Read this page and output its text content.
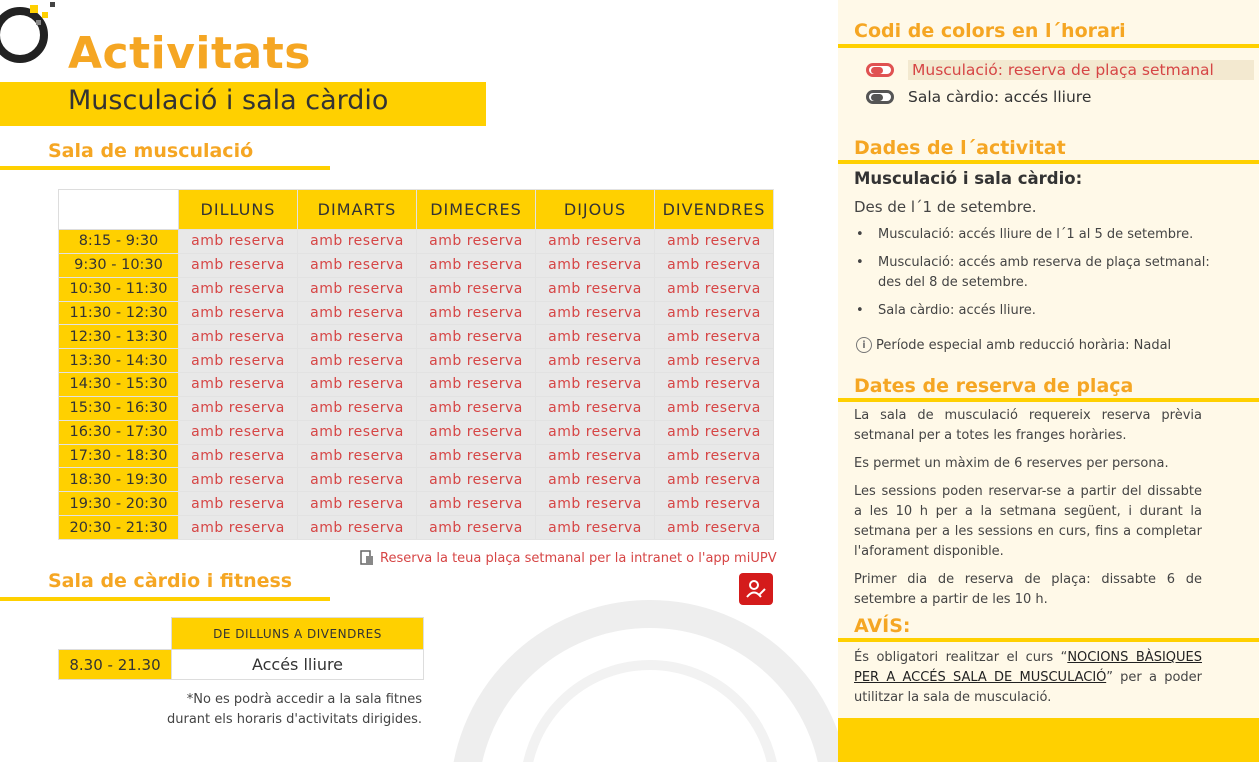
Activitats
Musculació i sala càrdio
Sala de musculació
	DILLUNS	DIMARTS	DIMECRES	DIJOUS	DIVENDRES
8:15 - 9:30	amb reserva	amb reserva	amb reserva	amb reserva	amb reserva
9:30 - 10:30	amb reserva	amb reserva	amb reserva	amb reserva	amb reserva
10:30 - 11:30	amb reserva	amb reserva	amb reserva	amb reserva	amb reserva
11:30 - 12:30	amb reserva	amb reserva	amb reserva	amb reserva	amb reserva
12:30 - 13:30	amb reserva	amb reserva	amb reserva	amb reserva	amb reserva
13:30 - 14:30	amb reserva	amb reserva	amb reserva	amb reserva	amb reserva
14:30 - 15:30	amb reserva	amb reserva	amb reserva	amb reserva	amb reserva
15:30 - 16:30	amb reserva	amb reserva	amb reserva	amb reserva	amb reserva
16:30 - 17:30	amb reserva	amb reserva	amb reserva	amb reserva	amb reserva
17:30 - 18:30	amb reserva	amb reserva	amb reserva	amb reserva	amb reserva
18:30 - 19:30	amb reserva	amb reserva	amb reserva	amb reserva	amb reserva
19:30 - 20:30	amb reserva	amb reserva	amb reserva	amb reserva	amb reserva
20:30 - 21:30	amb reserva	amb reserva	amb reserva	amb reserva	amb reserva
Reserva la teua plaça setmanal per la intranet o l'app miUPV
Sala de càrdio i fitness
	DE DILLUNS A DIVENDRES
8.30 - 21.30	Accés lliure
*No es podrà accedir a la sala fitnes
durant els horaris d'activitats dirigides.
Codi de colors en l´horari
Musculació: reserva de plaça setmanal
Sala càrdio: accés lliure
Dades de l´activitat
Musculació i sala càrdio:
Des de l´1 de setembre.
• Musculació: accés lliure de l´1 al 5 de setembre.
• Musculació: accés amb reserva de plaça setmanal: des del 8 de setembre.
• Sala càrdio: accés lliure.
i Període especial amb reducció horària: Nadal
Dates de reserva de plaça
La sala de musculació requereix reserva prèvia setmanal per a totes les franges horàries.
Es permet un màxim de 6 reserves per persona.
Les sessions poden reservar-se a partir del dissabte a les 10 h per a la setmana següent, i durant la setmana per a les sessions en curs, fins a completar l'aforament disponible.
Primer dia de reserva de plaça: dissabte 6 de setembre a partir de les 10 h.
AVÍS:
És obligatori realitzar el curs “NOCIONS BÀSIQUES PER A ACCÉS SALA DE MUSCULACIÓ” per a poder utilitzar la sala de musculació.
